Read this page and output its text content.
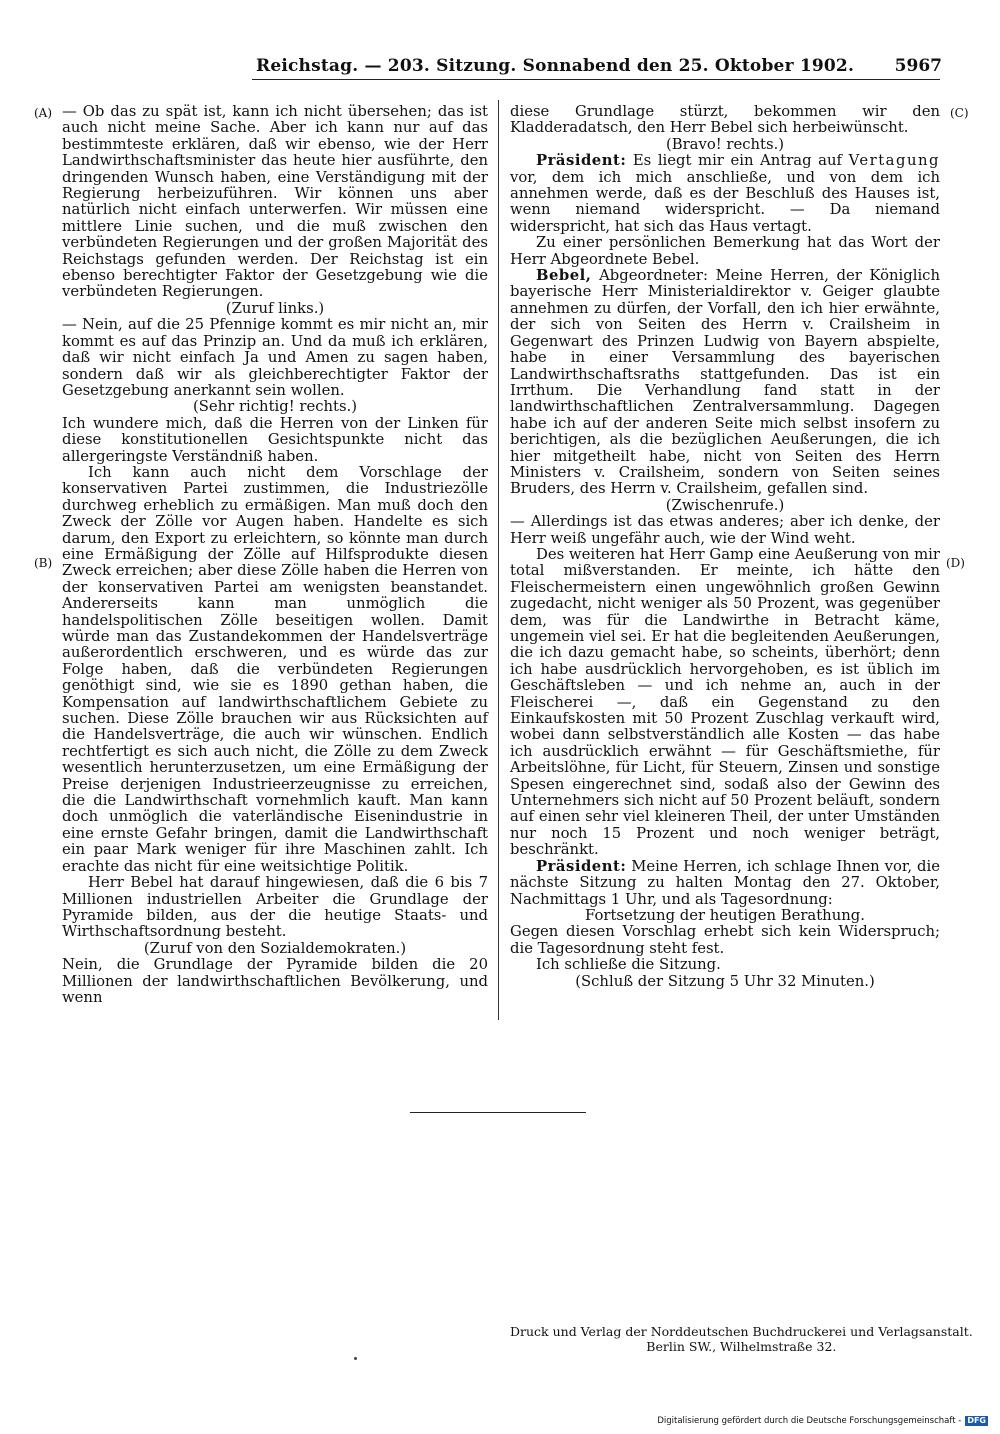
Reichstag. — 203. Sitzung. Sonnabend den 25. Oktober 1902. 5967
(A)
(B)
(C)
(D)

— Ob das zu spät ist, kann ich nicht übersehen; das ist auch nicht meine Sache. Aber ich kann nur auf das bestimmteste erklären, daß wir ebenso, wie der Herr Landwirthschaftsminister das heute hier ausführte, den dringenden Wunsch haben, eine Verständigung mit der Regierung herbeizuführen. Wir können uns aber natürlich nicht einfach unterwerfen. Wir müssen eine mittlere Linie suchen, und die muß zwischen den verbündeten Regierungen und der großen Majorität des Reichstags gefunden werden. Der Reichstag ist ein ebenso berechtigter Faktor der Gesetzgebung wie die verbündeten Regierungen.

(Zuruf links.)

— Nein, auf die 25 Pfennige kommt es mir nicht an, mir kommt es auf das Prinzip an. Und da muß ich erklären, daß wir nicht einfach Ja und Amen zu sagen haben, sondern daß wir als gleichberechtigter Faktor der Gesetzgebung anerkannt sein wollen.

(Sehr richtig! rechts.)

Ich wundere mich, daß die Herren von der Linken für diese konstitutionellen Gesichtspunkte nicht das allergeringste Verständniß haben.

Ich kann auch nicht dem Vorschlage der konservativen Partei zustimmen, die Industriezölle durchweg erheblich zu ermäßigen. Man muß doch den Zweck der Zölle vor Augen haben. Handelte es sich darum, den Export zu erleichtern, so könnte man durch eine Ermäßigung der Zölle auf Hilfsprodukte diesen Zweck erreichen; aber diese Zölle haben die Herren von der konservativen Partei am wenigsten beanstandet. Andererseits kann man unmöglich die handelspolitischen Zölle beseitigen wollen. Damit würde man das Zustandekommen der Handelsverträge außerordentlich erschweren, und es würde das zur Folge haben, daß die verbündeten Regierungen genöthigt sind, wie sie es 1890 gethan haben, die Kompensation auf landwirthschaftlichem Gebiete zu suchen. Diese Zölle brauchen wir aus Rücksichten auf die Handelsverträge, die auch wir wünschen. Endlich rechtfertigt es sich auch nicht, die Zölle zu dem Zweck wesentlich herunterzusetzen, um eine Ermäßigung der Preise derjenigen Industrieerzeugnisse zu erreichen, die die Landwirthschaft vornehmlich kauft. Man kann doch unmöglich die vaterländische Eisenindustrie in eine ernste Gefahr bringen, damit die Landwirthschaft ein paar Mark weniger für ihre Maschinen zahlt. Ich erachte das nicht für eine weitsichtige Politik.

Herr Bebel hat darauf hingewiesen, daß die 6 bis 7 Millionen industriellen Arbeiter die Grundlage der Pyramide bilden, aus der die heutige Staats- und Wirthschaftsordnung besteht.

(Zuruf von den Sozialdemokraten.)

Nein, die Grundlage der Pyramide bilden die 20 Millionen der landwirthschaftlichen Bevölkerung, und wenn

diese Grundlage stürzt, bekommen wir den Kladderadatsch, den Herr Bebel sich herbeiwünscht.

(Bravo! rechts.)

Präsident: Es liegt mir ein Antrag auf Vertagung vor, dem ich mich anschließe, und von dem ich annehmen werde, daß es der Beschluß des Hauses ist, wenn niemand widerspricht. — Da niemand widerspricht, hat sich das Haus vertagt.

Zu einer persönlichen Bemerkung hat das Wort der Herr Abgeordnete Bebel.

Bebel, Abgeordneter: Meine Herren, der Königlich bayerische Herr Ministerialdirektor v. Geiger glaubte annehmen zu dürfen, der Vorfall, den ich hier erwähnte, der sich von Seiten des Herrn v. Crailsheim in Gegenwart des Prinzen Ludwig von Bayern abspielte, habe in einer Versammlung des bayerischen Landwirthschaftsraths stattgefunden. Das ist ein Irrthum. Die Verhandlung fand statt in der landwirthschaftlichen Zentralversammlung. Dagegen habe ich auf der anderen Seite mich selbst insofern zu berichtigen, als die bezüglichen Aeußerungen, die ich hier mitgetheilt habe, nicht von Seiten des Herrn Ministers v. Crailsheim, sondern von Seiten seines Bruders, des Herrn v. Crailsheim, gefallen sind.

(Zwischenrufe.)

— Allerdings ist das etwas anderes; aber ich denke, der Herr weiß ungefähr auch, wie der Wind weht.

Des weiteren hat Herr Gamp eine Aeußerung von mir total mißverstanden. Er meinte, ich hätte den Fleischermeistern einen ungewöhnlich großen Gewinn zugedacht, nicht weniger als 50 Prozent, was gegenüber dem, was für die Landwirthe in Betracht käme, ungemein viel sei. Er hat die begleitenden Aeußerungen, die ich dazu gemacht habe, so scheints, überhört; denn ich habe ausdrücklich hervorgehoben, es ist üblich im Geschäftsleben — und ich nehme an, auch in der Fleischerei —, daß ein Gegenstand zu den Einkaufskosten mit 50 Prozent Zuschlag verkauft wird, wobei dann selbstverständlich alle Kosten — das habe ich ausdrücklich erwähnt — für Geschäftsmiethe, für Arbeitslöhne, für Licht, für Steuern, Zinsen und sonstige Spesen eingerechnet sind, sodaß also der Gewinn des Unternehmers sich nicht auf 50 Prozent beläuft, sondern auf einen sehr viel kleineren Theil, der unter Umständen nur noch 15 Prozent und noch weniger beträgt, beschränkt.

Präsident: Meine Herren, ich schlage Ihnen vor, die nächste Sitzung zu halten Montag den 27. Oktober, Nachmittags 1 Uhr, und als Tagesordnung:

Fortsetzung der heutigen Berathung.

Gegen diesen Vorschlag erhebt sich kein Widerspruch; die Tagesordnung steht fest.

Ich schließe die Sitzung.

(Schluß der Sitzung 5 Uhr 32 Minuten.)

Druck und Verlag der Norddeutschen Buchdruckerei und Verlagsanstalt.
Berlin SW., Wilhelmstraße 32.
Digitalisierung gefördert durch die Deutsche Forschungsgemeinschaft - DFG
